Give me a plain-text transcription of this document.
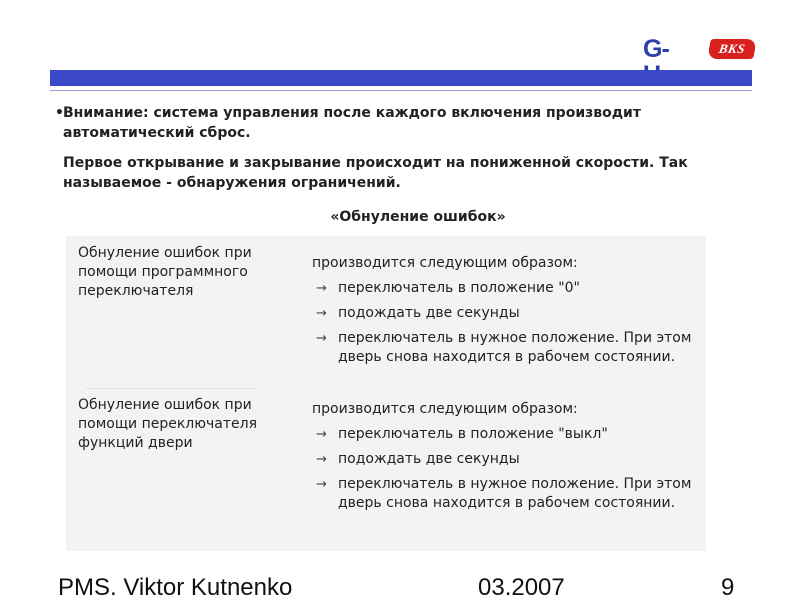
G-	BKS
• Внимание: система управления после каждого включения производит автоматический сброс.
Первое открывание и закрывание происходит на пониженной скорости. Так называемое - обнаружения ограничений.
«Обнуление ошибок»
Обнуление ошибок при помощи программного переключателя
производится следующим образом:
→ переключатель в положение "0"
→ подождать две секунды
→ переключатель в нужное положение. При этом дверь снова находится в рабочем состоянии.
Обнуление ошибок при помощи переключателя функций двери
производится следующим образом:
→ переключатель в положение "выкл"
→ подождать две секунды
→ переключатель в нужное положение. При этом дверь снова находится в рабочем состоянии.
PMS. Viktor Kutnenko	03.2007	9
